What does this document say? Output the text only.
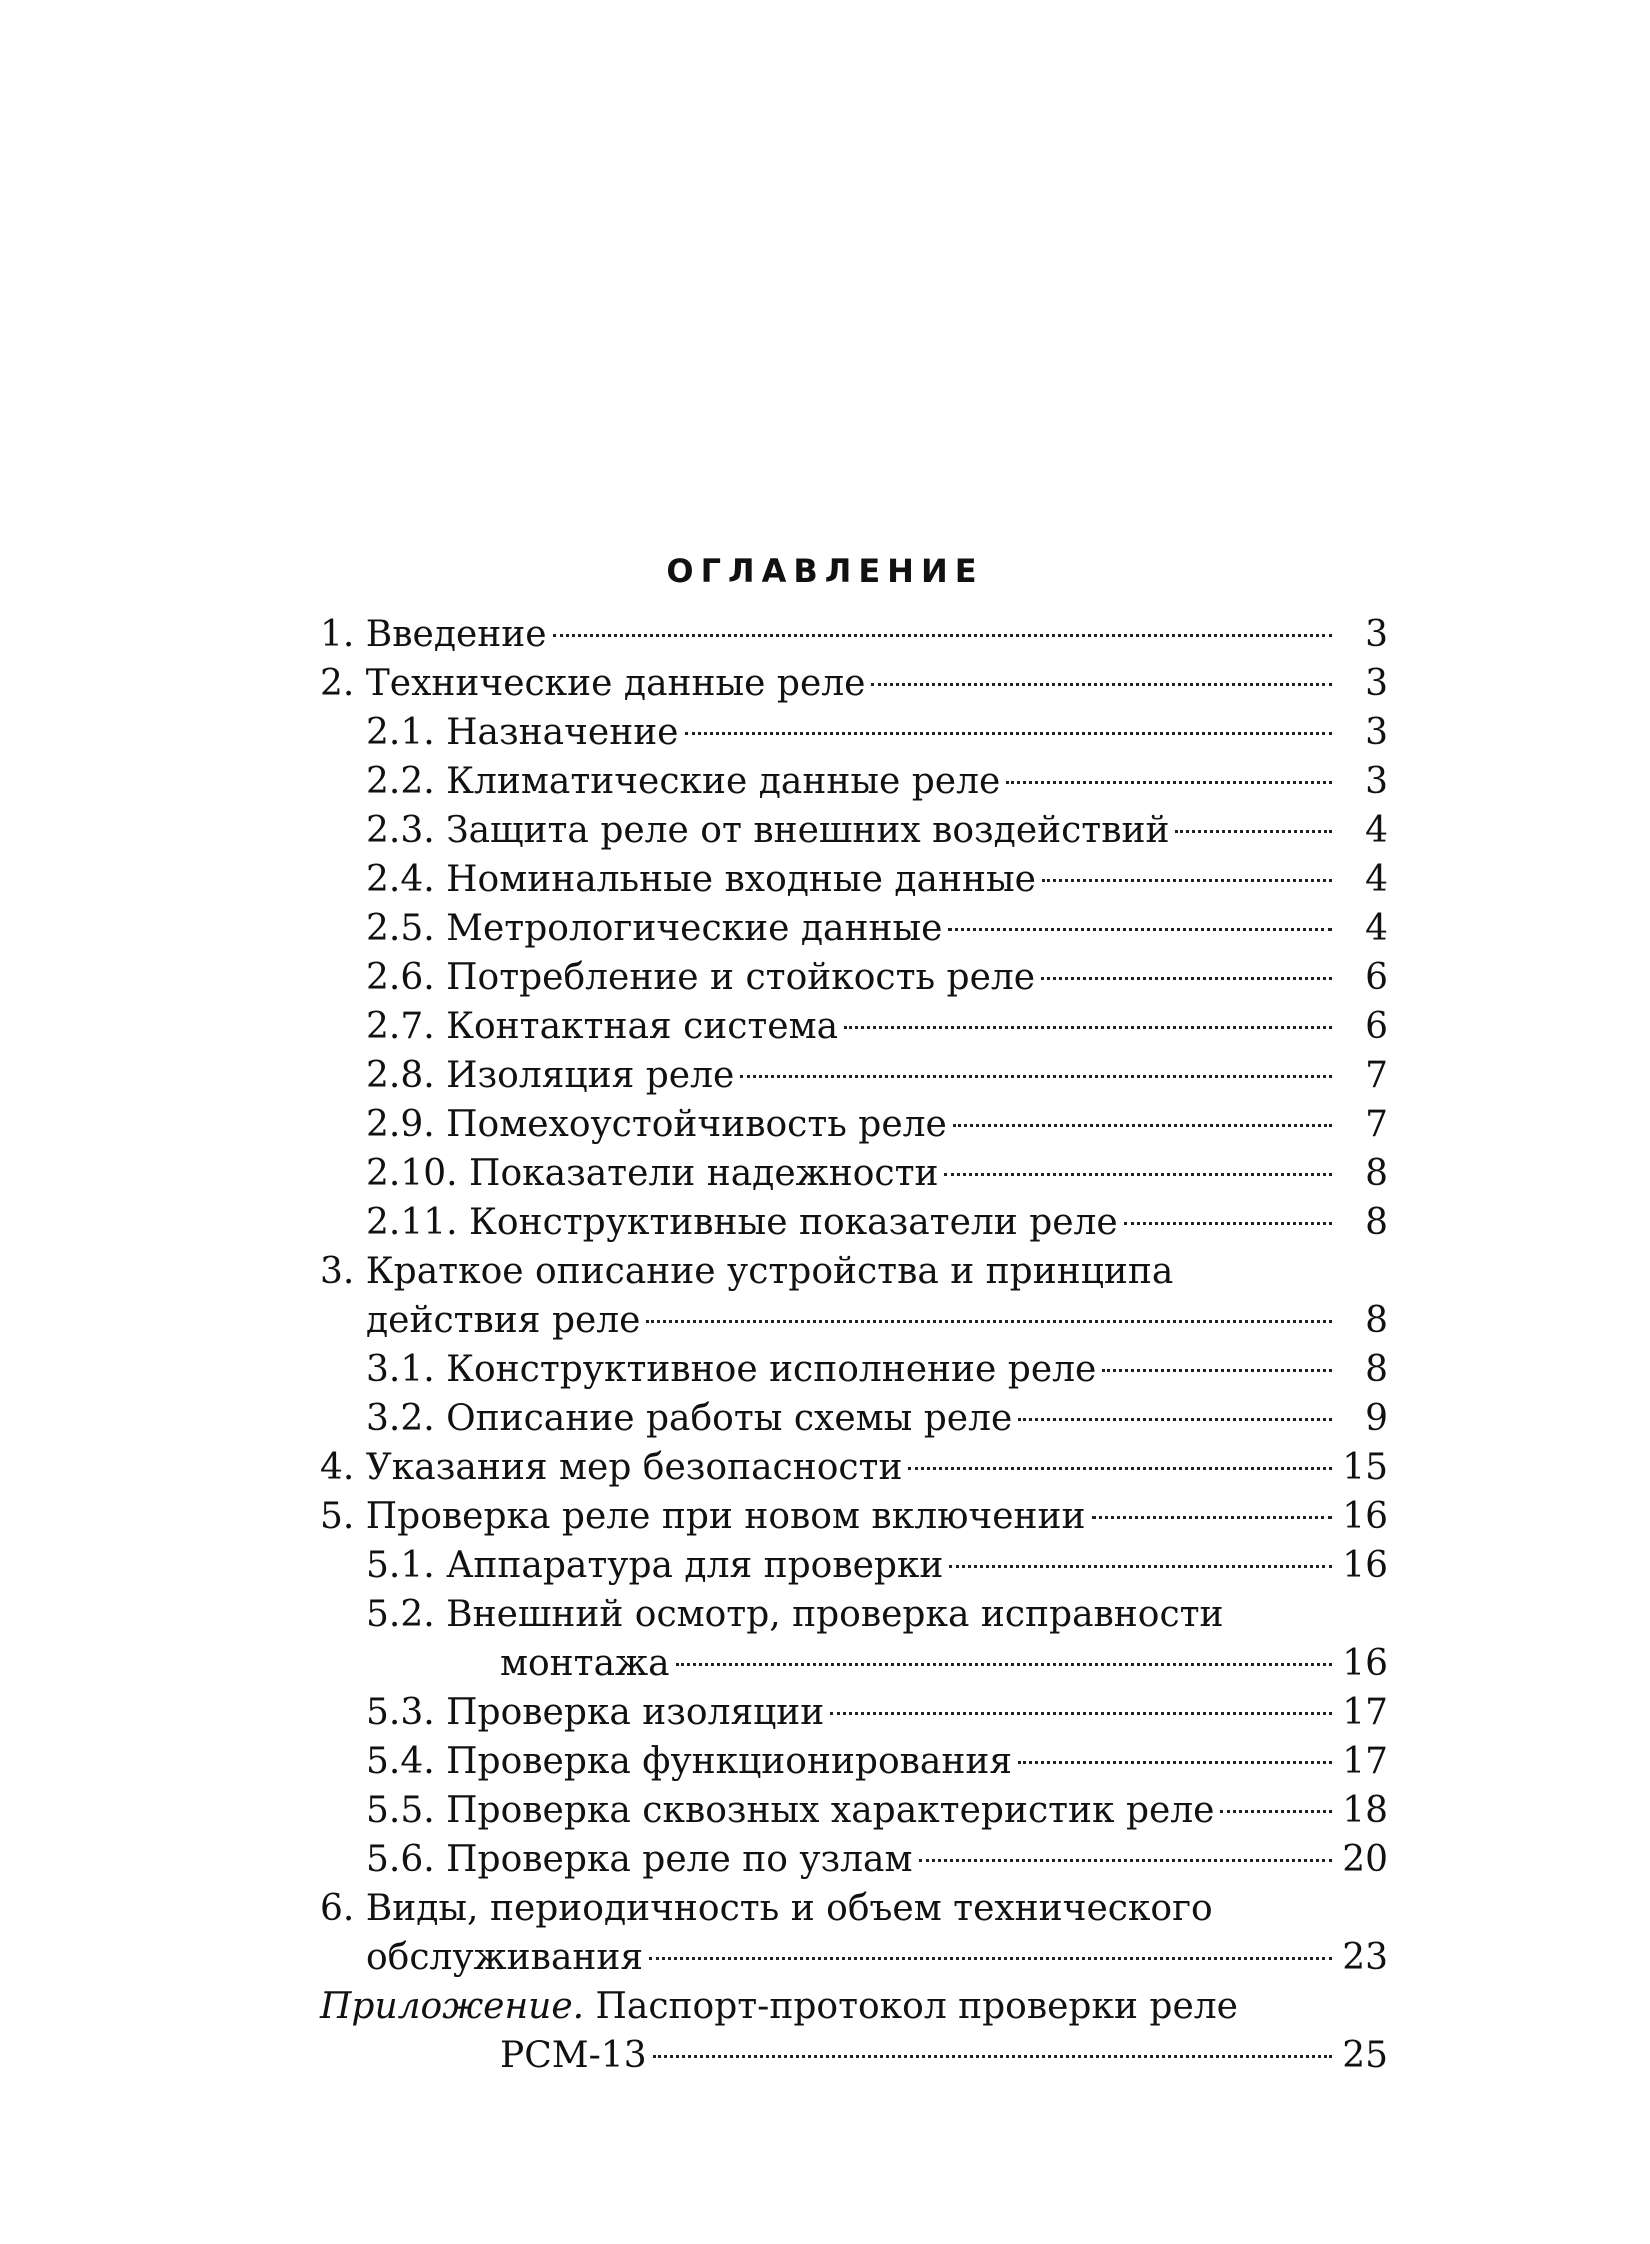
ОГЛАВЛЕНИЕ
1. Введение	3
2. Технические данные реле	3
2.1. Назначение	3
2.2. Климатические данные реле	3
2.3. Защита реле от внешних воздействий	4
2.4. Номинальные входные данные	4
2.5. Метрологические данные	4
2.6. Потребление и стойкость реле	6
2.7. Контактная система	6
2.8. Изоляция реле	7
2.9. Помехоустойчивость реле	7
2.10. Показатели надежности	8
2.11. Конструктивные показатели реле	8
3. Краткое описание устройства и принципа
действия реле	8
3.1. Конструктивное исполнение реле	8
3.2. Описание работы схемы реле	9
4. Указания мер безопасности	15
5. Проверка реле при новом включении	16
5.1. Аппаратура для проверки	16
5.2. Внешний осмотр, проверка исправности
монтажа	16
5.3. Проверка изоляции	17
5.4. Проверка функционирования	17
5.5. Проверка сквозных характеристик реле	18
5.6. Проверка реле по узлам	20
6. Виды, периодичность и объем технического
обслуживания	23
Приложение. Паспорт-протокол проверки реле
РСМ-13	25
